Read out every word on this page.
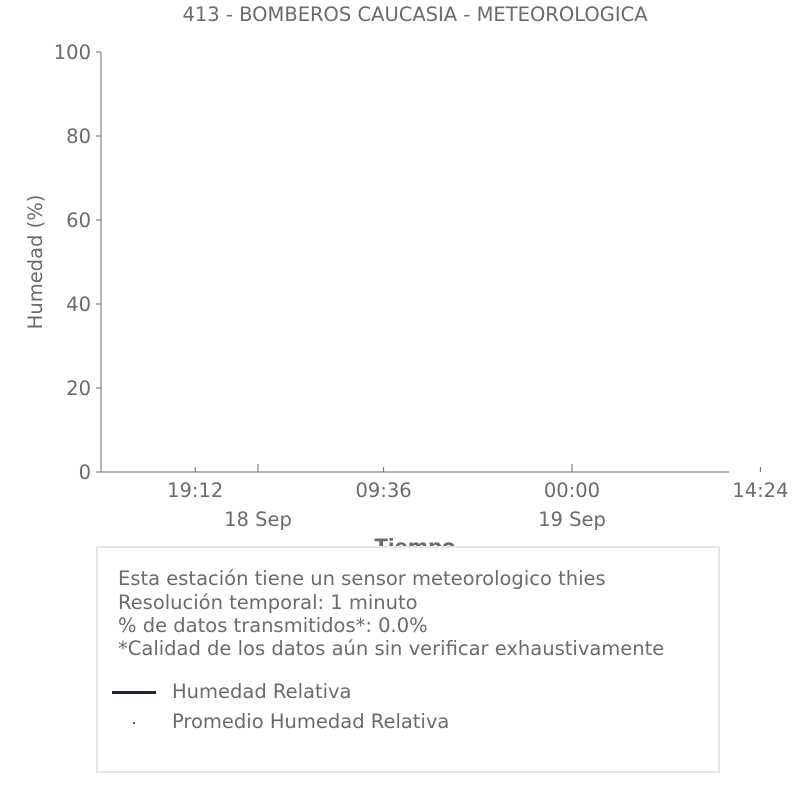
413 - BOMBEROS CAUCASIA - METEOROLOGICA
0
20
40
60
80
100
19:12	09:36	00:00	14:24
18 Sep	19 Sep
Humedad (%)
Esta estación tiene un sensor meteorologico thies
Resolución temporal: 1 minuto
% de datos transmitidos*: 0.0%
*Calidad de los datos aún sin verificar exhaustivamente
Humedad Relativa
Promedio Humedad Relativa
